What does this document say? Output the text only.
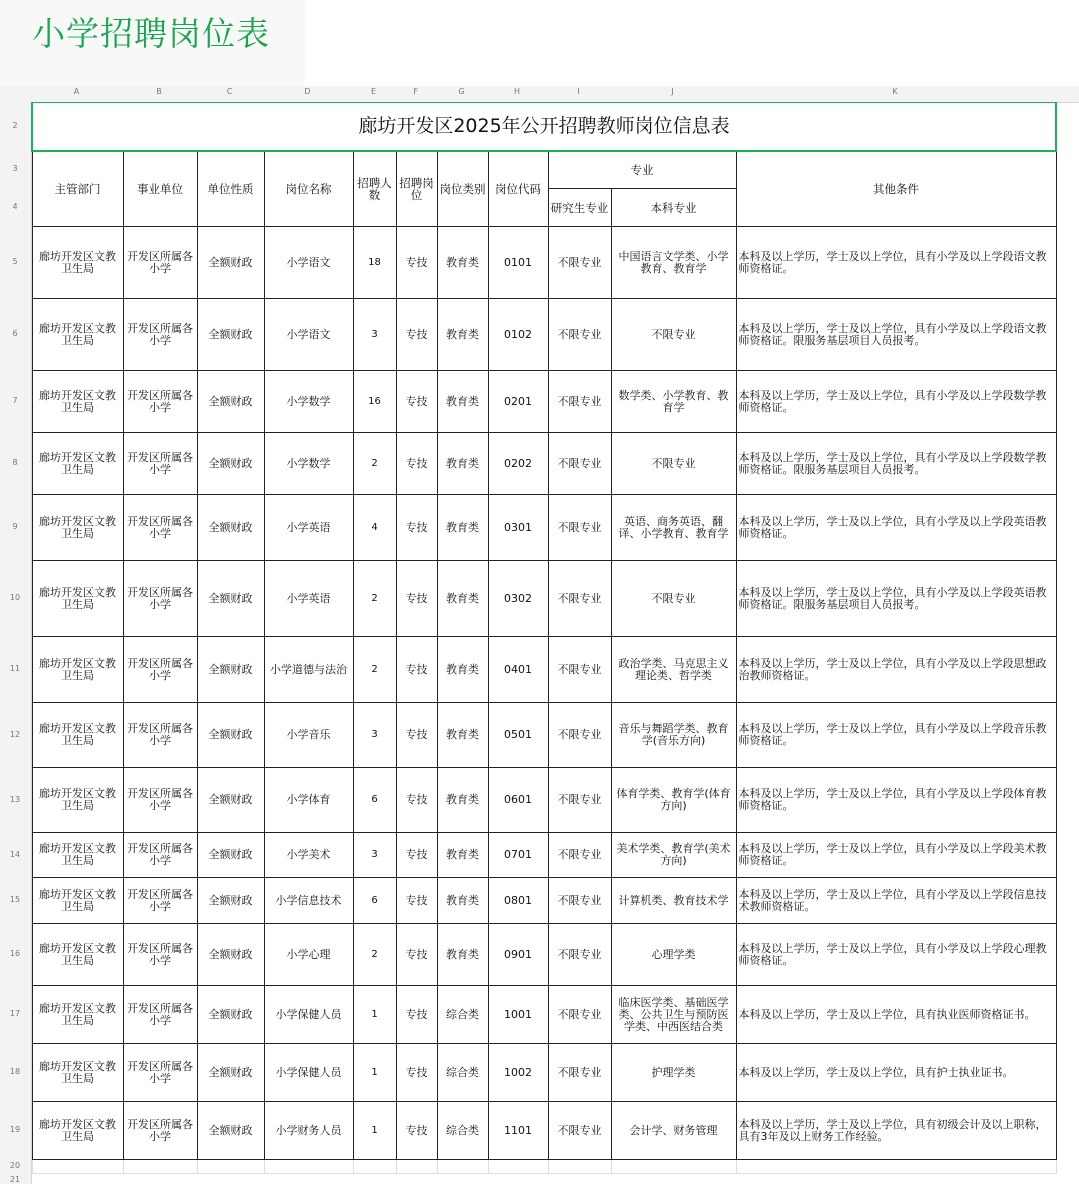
小学招聘岗位表
A	B	C	D	E	F	G	H	I	J	K
2
3
4
5
6
7
8
9
10
11
12
13
14
15
16
17
18
19
20
21
廊坊开发区2025年公开招聘教师岗位信息表										
主管部门	事业单位	单位性质	岗位名称	招聘人数	招聘岗位	岗位类别	岗位代码	专业		其他条件
								研究生专业	本科专业	
廊坊开发区文教卫生局	开发区所属各小学	全额财政	小学语文	18	专技	教育类	0101	不限专业	中国语言文学类、小学教育、教育学	本科及以上学历，学士及以上学位，具有小学及以上学段语文教师资格证。
廊坊开发区文教卫生局	开发区所属各小学	全额财政	小学语文	3	专技	教育类	0102	不限专业	不限专业	本科及以上学历，学士及以上学位，具有小学及以上学段语文教师资格证。限服务基层项目人员报考。
廊坊开发区文教卫生局	开发区所属各小学	全额财政	小学数学	16	专技	教育类	0201	不限专业	数学类、小学教育、教育学	本科及以上学历，学士及以上学位，具有小学及以上学段数学教师资格证。
廊坊开发区文教卫生局	开发区所属各小学	全额财政	小学数学	2	专技	教育类	0202	不限专业	不限专业	本科及以上学历，学士及以上学位，具有小学及以上学段数学教师资格证。限服务基层项目人员报考。
廊坊开发区文教卫生局	开发区所属各小学	全额财政	小学英语	4	专技	教育类	0301	不限专业	英语、商务英语、翻译、小学教育、教育学	本科及以上学历，学士及以上学位，具有小学及以上学段英语教师资格证。
廊坊开发区文教卫生局	开发区所属各小学	全额财政	小学英语	2	专技	教育类	0302	不限专业	不限专业	本科及以上学历，学士及以上学位，具有小学及以上学段英语教师资格证。限服务基层项目人员报考。
廊坊开发区文教卫生局	开发区所属各小学	全额财政	小学道德与法治	2	专技	教育类	0401	不限专业	政治学类、马克思主义理论类、哲学类	本科及以上学历，学士及以上学位，具有小学及以上学段思想政治教师资格证。
廊坊开发区文教卫生局	开发区所属各小学	全额财政	小学音乐	3	专技	教育类	0501	不限专业	音乐与舞蹈学类、教育学(音乐方向)	本科及以上学历，学士及以上学位，具有小学及以上学段音乐教师资格证。
廊坊开发区文教卫生局	开发区所属各小学	全额财政	小学体育	6	专技	教育类	0601	不限专业	体育学类、教育学(体育方向)	本科及以上学历，学士及以上学位，具有小学及以上学段体育教师资格证。
廊坊开发区文教卫生局	开发区所属各小学	全额财政	小学美术	3	专技	教育类	0701	不限专业	美术学类、教育学(美术方向)	本科及以上学历，学士及以上学位，具有小学及以上学段美术教师资格证。
廊坊开发区文教卫生局	开发区所属各小学	全额财政	小学信息技术	6	专技	教育类	0801	不限专业	计算机类、教育技术学	本科及以上学历，学士及以上学位，具有小学及以上学段信息技术教师资格证。
廊坊开发区文教卫生局	开发区所属各小学	全额财政	小学心理	2	专技	教育类	0901	不限专业	心理学类	本科及以上学历，学士及以上学位，具有小学及以上学段心理教师资格证。
廊坊开发区文教卫生局	开发区所属各小学	全额财政	小学保健人员	1	专技	综合类	1001	不限专业	临床医学类、基础医学类、公共卫生与预防医学类、中西医结合类	本科及以上学历，学士及以上学位，具有执业医师资格证书。
廊坊开发区文教卫生局	开发区所属各小学	全额财政	小学保健人员	1	专技	综合类	1002	不限专业	护理学类	本科及以上学历，学士及以上学位，具有护士执业证书。
廊坊开发区文教卫生局	开发区所属各小学	全额财政	小学财务人员	1	专技	综合类	1101	不限专业	会计学、财务管理	本科及以上学历，学士及以上学位，具有初级会计及以上职称，具有3年及以上财务工作经验。
